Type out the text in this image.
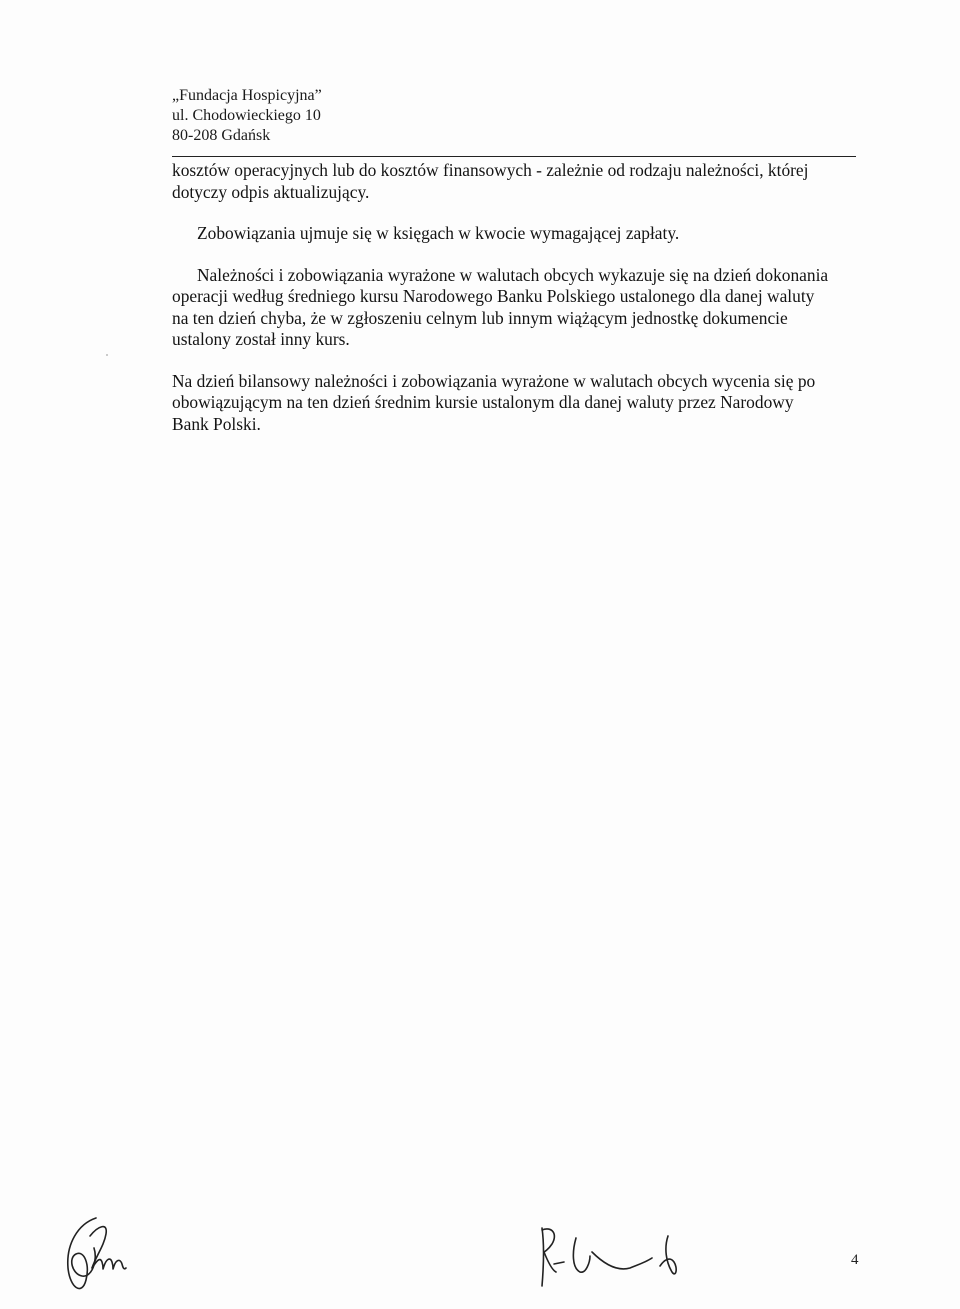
„Fundacja Hospicyjna”
ul. Chodowieckiego 10
80-208 Gdańsk

kosztów operacyjnych lub do kosztów finansowych - zależnie od rodzaju należności, której
dotyczy odpis aktualizujący.

Zobowiązania ujmuje się w księgach w kwocie wymagającej zapłaty.

Należności i zobowiązania wyrażone w walutach obcych wykazuje się na dzień dokonania
operacji według średniego kursu Narodowego Banku Polskiego ustalonego dla danej waluty
na ten dzień chyba, że w zgłoszeniu celnym lub innym wiążącym jednostkę dokumencie
ustalony został inny kurs.

Na dzień bilansowy należności i zobowiązania wyrażone w walutach obcych wycenia się po
obowiązującym na ten dzień średnim kursie ustalonym dla danej waluty przez Narodowy
Bank Polski.

4
